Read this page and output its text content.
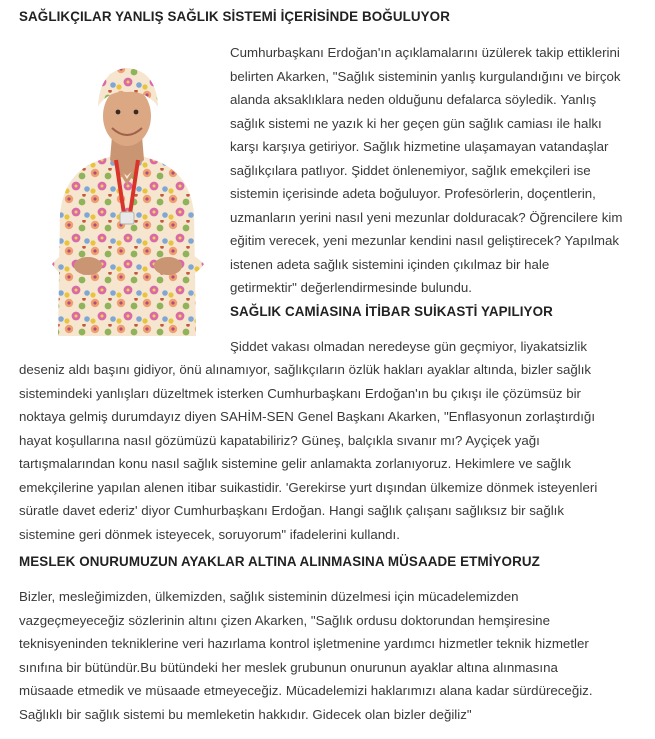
SAĞLIKÇILAR YANLIŞ SAĞLIK SİSTEMİ İÇERİSİNDE BOĞULUYOR
Cumhurbaşkanı Erdoğan'ın açıklamalarını üzülerek takip ettiklerini
belirten Akarken, "Sağlık sisteminin yanlış kurgulandığını ve birçok
alanda aksaklıklara neden olduğunu defalarca söyledik. Yanlış
sağlık sistemi ne yazık ki her geçen gün sağlık camiası ile halkı
karşı karşıya getiriyor. Sağlık hizmetine ulaşamayan vatandaşlar
sağlıkçılara patlıyor. Şiddet önlenemiyor, sağlık emekçileri ise
sistemin içerisinde adeta boğuluyor. Profesörlerin, doçentlerin,
uzmanların yerini nasıl yeni mezunlar dolduracak? Öğrencilere kim
eğitim verecek, yeni mezunlar kendini nasıl geliştirecek? Yapılmak
istenen adeta sağlık sistemini içinden çıkılmaz bir hale
getirmektir" değerlendirmesinde bulundu.
SAĞLIK CAMİASINA İTİBAR SUİKASTİ YAPILIYOR
Şiddet vakası olmadan neredeyse gün geçmiyor, liyakatsizlik
deseniz aldı başını gidiyor, önü alınamıyor, sağlıkçıların özlük hakları ayaklar altında, bizler sağlık
sistemindeki yanlışları düzeltmek isterken Cumhurbaşkanı Erdoğan'ın bu çıkışı ile çözümsüz bir
noktaya gelmiş durumdayız diyen SAHİM-SEN Genel Başkanı Akarken, "Enflasyonun zorlaştırdığı
hayat koşullarına nasıl gözümüzü kapatabiliriz? Güneş, balçıkla sıvanır mı? Ayçiçek yağı
tartışmalarından konu nasıl sağlık sistemine gelir anlamakta zorlanıyoruz. Hekimlere ve sağlık
emekçilerine yapılan alenen itibar suikastidir. 'Gerekirse yurt dışından ülkemize dönmek isteyenleri
süratle davet ederiz' diyor Cumhurbaşkanı Erdoğan. Hangi sağlık çalışanı sağlıksız bir sağlık
sistemine geri dönmek isteyecek, soruyorum" ifadelerini kullandı.
MESLEK ONURUMUZUN AYAKLAR ALTINA ALINMASINA MÜSAADE ETMİYORUZ
Bizler, mesleğimizden, ülkemizden, sağlık sisteminin düzelmesi için mücadelemizden
vazgeçmeyeceğiz sözlerinin altını çizen Akarken, "Sağlık ordusu doktorundan hemşiresine
teknisyeninden tekniklerine veri hazırlama kontrol işletmenine yardımcı hizmetler teknik hizmetler
sınıfına bir bütündür.Bu bütündeki her meslek grubunun onurunun ayaklar altına alınmasına
müsaade etmedik ve müsaade etmeyeceğiz. Mücadelemizi haklarımızı alana kadar sürdüreceğiz.
Sağlıklı bir sağlık sistemi bu memleketin hakkıdır. Gidecek olan bizler değiliz"
